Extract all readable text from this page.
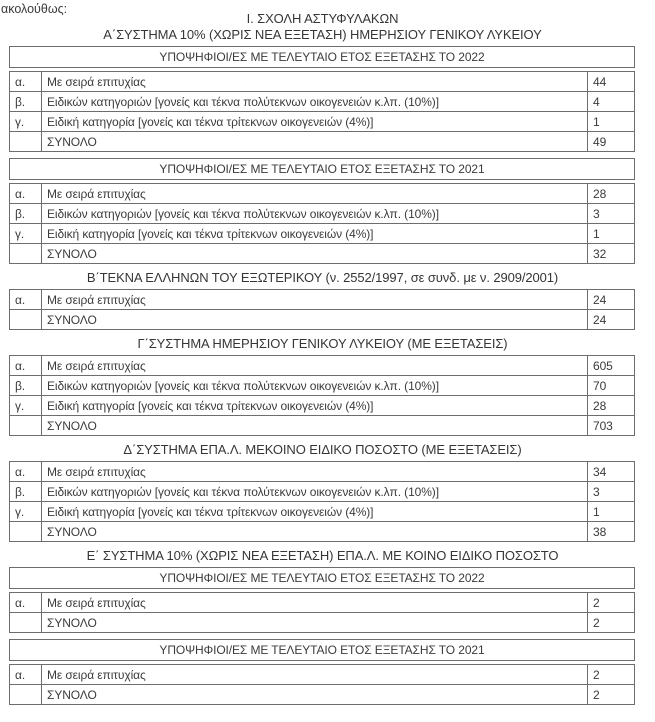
ακολούθως:
Ι. ΣΧΟΛΗ ΑΣΤΥΦΥΛΑΚΩΝ
Α΄ΣΥΣΤΗΜΑ 10% (ΧΩΡΙΣ ΝΕΑ ΕΞΕΤΑΣΗ) ΗΜΕΡΗΣΙΟΥ ΓΕΝΙΚΟΥ ΛΥΚΕΙΟΥ
ΥΠΟΨΗΦΙΟΙ/ΕΣ ΜΕ ΤΕΛΕΥΤΑΙΟ ΕΤΟΣ ΕΞΕΤΑΣΗΣ ΤΟ 2022
α.	Με σειρά επιτυχίας	44
β.	Ειδικών κατηγοριών [γονείς και τέκνα πολύτεκνων οικογενειών κ.λπ. (10%)]	4
γ.	Ειδική κατηγορία [γονείς και τέκνα τρίτεκνων οικογενειών (4%)]	1
	ΣΥΝΟΛΟ	49
ΥΠΟΨΗΦΙΟΙ/ΕΣ ΜΕ ΤΕΛΕΥΤΑΙΟ ΕΤΟΣ ΕΞΕΤΑΣΗΣ ΤΟ 2021
α.	Με σειρά επιτυχίας	28
β.	Ειδικών κατηγοριών [γονείς και τέκνα πολύτεκνων οικογενειών κ.λπ. (10%)]	3
γ.	Ειδική κατηγορία [γονείς και τέκνα τρίτεκνων οικογενειών (4%)]	1
	ΣΥΝΟΛΟ	32
Β΄ΤΕΚΝΑ ΕΛΛΗΝΩΝ ΤΟΥ ΕΞΩΤΕΡΙΚΟΥ (ν. 2552/1997, σε συνδ. με ν. 2909/2001)
α.	Με σειρά επιτυχίας	24
	ΣΥΝΟΛΟ	24
Γ΄ΣΥΣΤΗΜΑ ΗΜΕΡΗΣΙΟΥ ΓΕΝΙΚΟΥ ΛΥΚΕΙΟΥ (ΜΕ ΕΞΕΤΑΣΕΙΣ)
α.	Με σειρά επιτυχίας	605
β.	Ειδικών κατηγοριών [γονείς και τέκνα πολύτεκνων οικογενειών κ.λπ. (10%)]	70
γ.	Ειδική κατηγορία [γονείς και τέκνα τρίτεκνων οικογενειών (4%)]	28
	ΣΥΝΟΛΟ	703
Δ΄ΣΥΣΤΗΜΑ ΕΠΑ.Λ. ΜΕΚΟΙΝΟ ΕΙΔΙΚΟ ΠΟΣΟΣΤΟ (ΜΕ ΕΞΕΤΑΣΕΙΣ)
α.	Με σειρά επιτυχίας	34
β.	Ειδικών κατηγοριών [γονείς και τέκνα πολύτεκνων οικογενειών κ.λπ. (10%)]	3
γ.	Ειδική κατηγορία [γονείς και τέκνα τρίτεκνων οικογενειών (4%)]	1
	ΣΥΝΟΛΟ	38
Ε΄ ΣΥΣΤΗΜΑ 10% (ΧΩΡΙΣ ΝΕΑ ΕΞΕΤΑΣΗ) ΕΠΑ.Λ. ΜΕ ΚΟΙΝΟ ΕΙΔΙΚΟ ΠΟΣΟΣΤΟ
ΥΠΟΨΗΦΙΟΙ/ΕΣ ΜΕ ΤΕΛΕΥΤΑΙΟ ΕΤΟΣ ΕΞΕΤΑΣΗΣ ΤΟ 2022
α.	Με σειρά επιτυχίας	2
	ΣΥΝΟΛΟ	2
ΥΠΟΨΗΦΙΟΙ/ΕΣ ΜΕ ΤΕΛΕΥΤΑΙΟ ΕΤΟΣ ΕΞΕΤΑΣΗΣ ΤΟ 2021
α.	Με σειρά επιτυχίας	2
	ΣΥΝΟΛΟ	2
